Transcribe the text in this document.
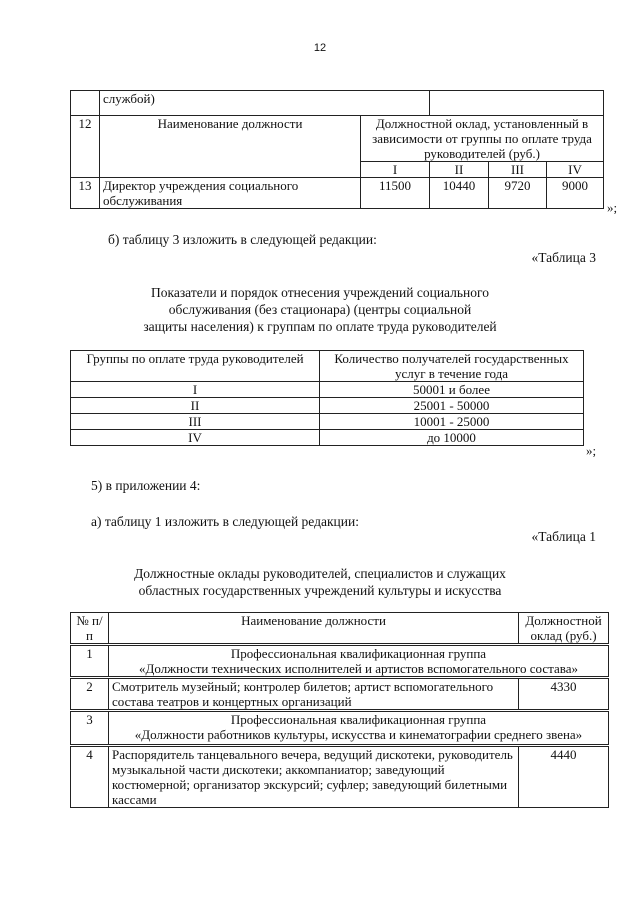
12
	службой)				
12	Наименование должности	Должностной оклад, установленный в зависимости от группы по оплате труда руководителей (руб.)			
		I	II	III	IV
13	Директор учреждения социального обслуживания	11500	10440	9720	9000
»;
б) таблицу 3 изложить в следующей редакции:
«Таблица 3
Показатели и порядок отнесения учреждений социального
обслуживания (без стационара) (центры социальной
защиты населения) к группам по оплате труда руководителей
Группы по оплате труда руководителей	Количество получателей государственных услуг в течение года
I	50001 и более
II	25001 - 50000
III	10001 - 25000
IV	до 10000
»;
5) в приложении 4:
а) таблицу 1 изложить в следующей редакции:
«Таблица 1
Должностные оклады руководителей, специалистов и служащих
областных государственных учреждений культуры и искусства
№ п/п	Наименование должности	Должностной оклад (руб.)
1	Профессиональная квалификационная группа
«Должности технических исполнителей и артистов вспомогательного состава»	

2	Смотритель музейный; контролер билетов; артист вспомогательного состава театров и концертных организаций	4330
3	Профессиональная квалификационная группа
«Должности работников культуры, искусства и кинематографии среднего звена»	

4	Распорядитель танцевального вечера, ведущий дискотеки, руководитель музыкальной части дискотеки; аккомпаниатор; заведующий костюмерной; организатор экскурсий; суфлер; заведующий билетными кассами	4440
